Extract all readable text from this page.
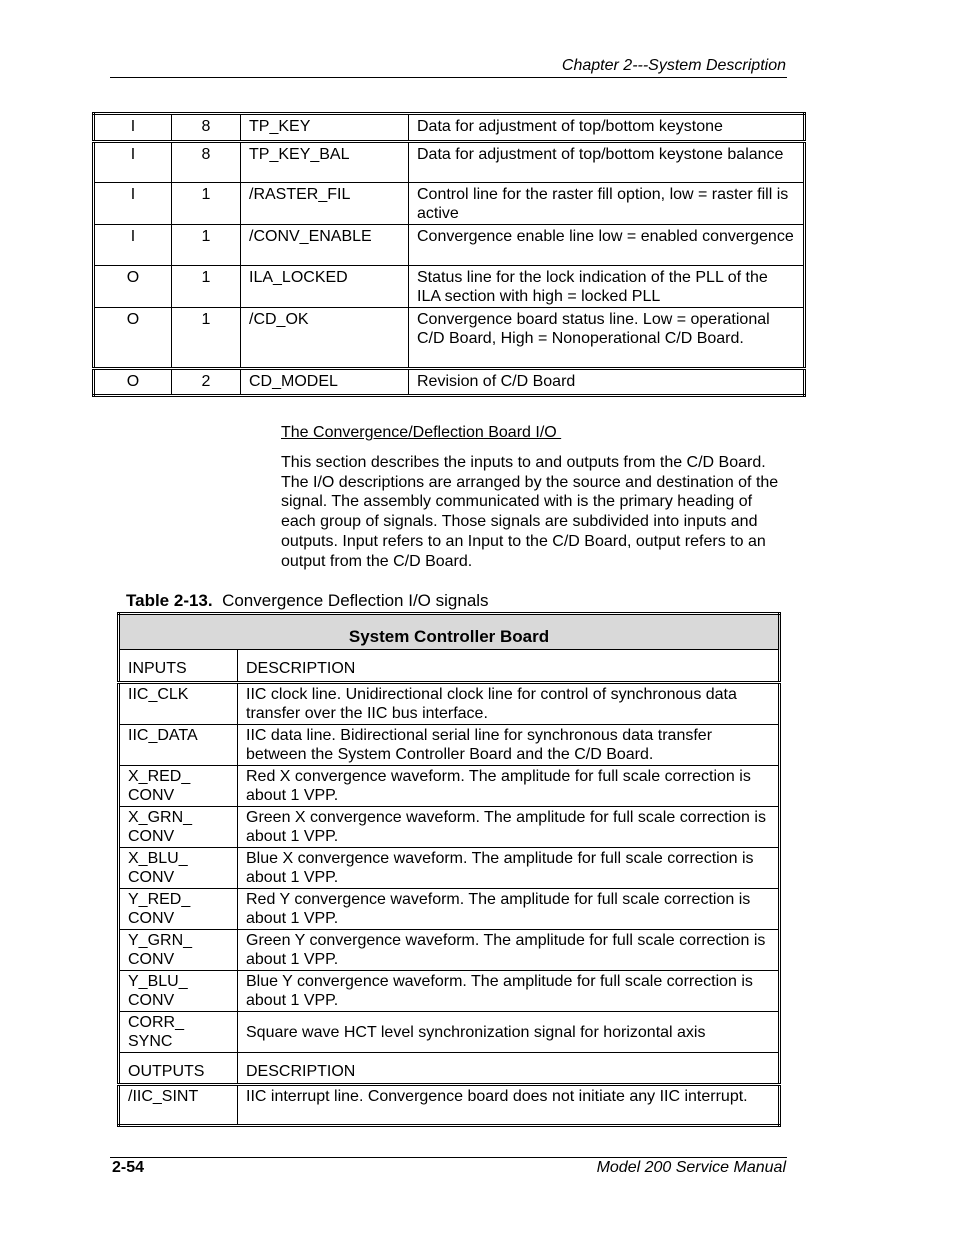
Chapter 2---System Description
I	8	TP_KEY	Data for adjustment of top/bottom keystone
I	8	TP_KEY_BAL	Data for adjustment of top/bottom keystone balance
I	1	/RASTER_FIL	Control line for the raster fill option, low = raster fill is active
I	1	/CONV_ENABLE	Convergence enable line low = enabled convergence
O	1	ILA_LOCKED	Status line for the lock indication of the PLL of the ILA section with high = locked PLL
O	1	/CD_OK	Convergence board status line. Low = operational C/D Board, High = Nonoperational C/D Board.
O	2	CD_MODEL	Revision of C/D Board
The Convergence/Deflection Board I/O

This section describes the inputs to and outputs from the C/D Board. The I/O descriptions are arranged by the source and destination of the signal. The assembly communicated with is the primary heading of each group of signals. Those signals are subdivided into inputs and outputs. Input refers to an Input to the C/D Board, output refers to an output from the C/D Board.

Table 2-13. Convergence Deflection I/O signals
System Controller Board	
INPUTS	DESCRIPTION
IIC_CLK	IIC clock line. Unidirectional clock line for control of synchronous data transfer over the IIC bus interface.
IIC_DATA	IIC data line. Bidirectional serial line for synchronous data transfer between the System Controller Board and the C/D Board.
X_RED_ CONV	Red X convergence waveform. The amplitude for full scale correction is about 1 VPP.
X_GRN_ CONV	Green X convergence waveform. The amplitude for full scale correction is about 1 VPP.
X_BLU_ CONV	Blue X convergence waveform. The amplitude for full scale correction is about 1 VPP.
Y_RED_ CONV	Red Y convergence waveform. The amplitude for full scale correction is about 1 VPP.
Y_GRN_ CONV	Green Y convergence waveform. The amplitude for full scale correction is about 1 VPP.
Y_BLU_ CONV	Blue Y convergence waveform. The amplitude for full scale correction is about 1 VPP.
CORR_ SYNC	Square wave HCT level synchronization signal for horizontal axis
OUTPUTS	DESCRIPTION
/IIC_SINT	IIC interrupt line. Convergence board does not initiate any IIC interrupt.
2-54	Model 200 Service Manual
